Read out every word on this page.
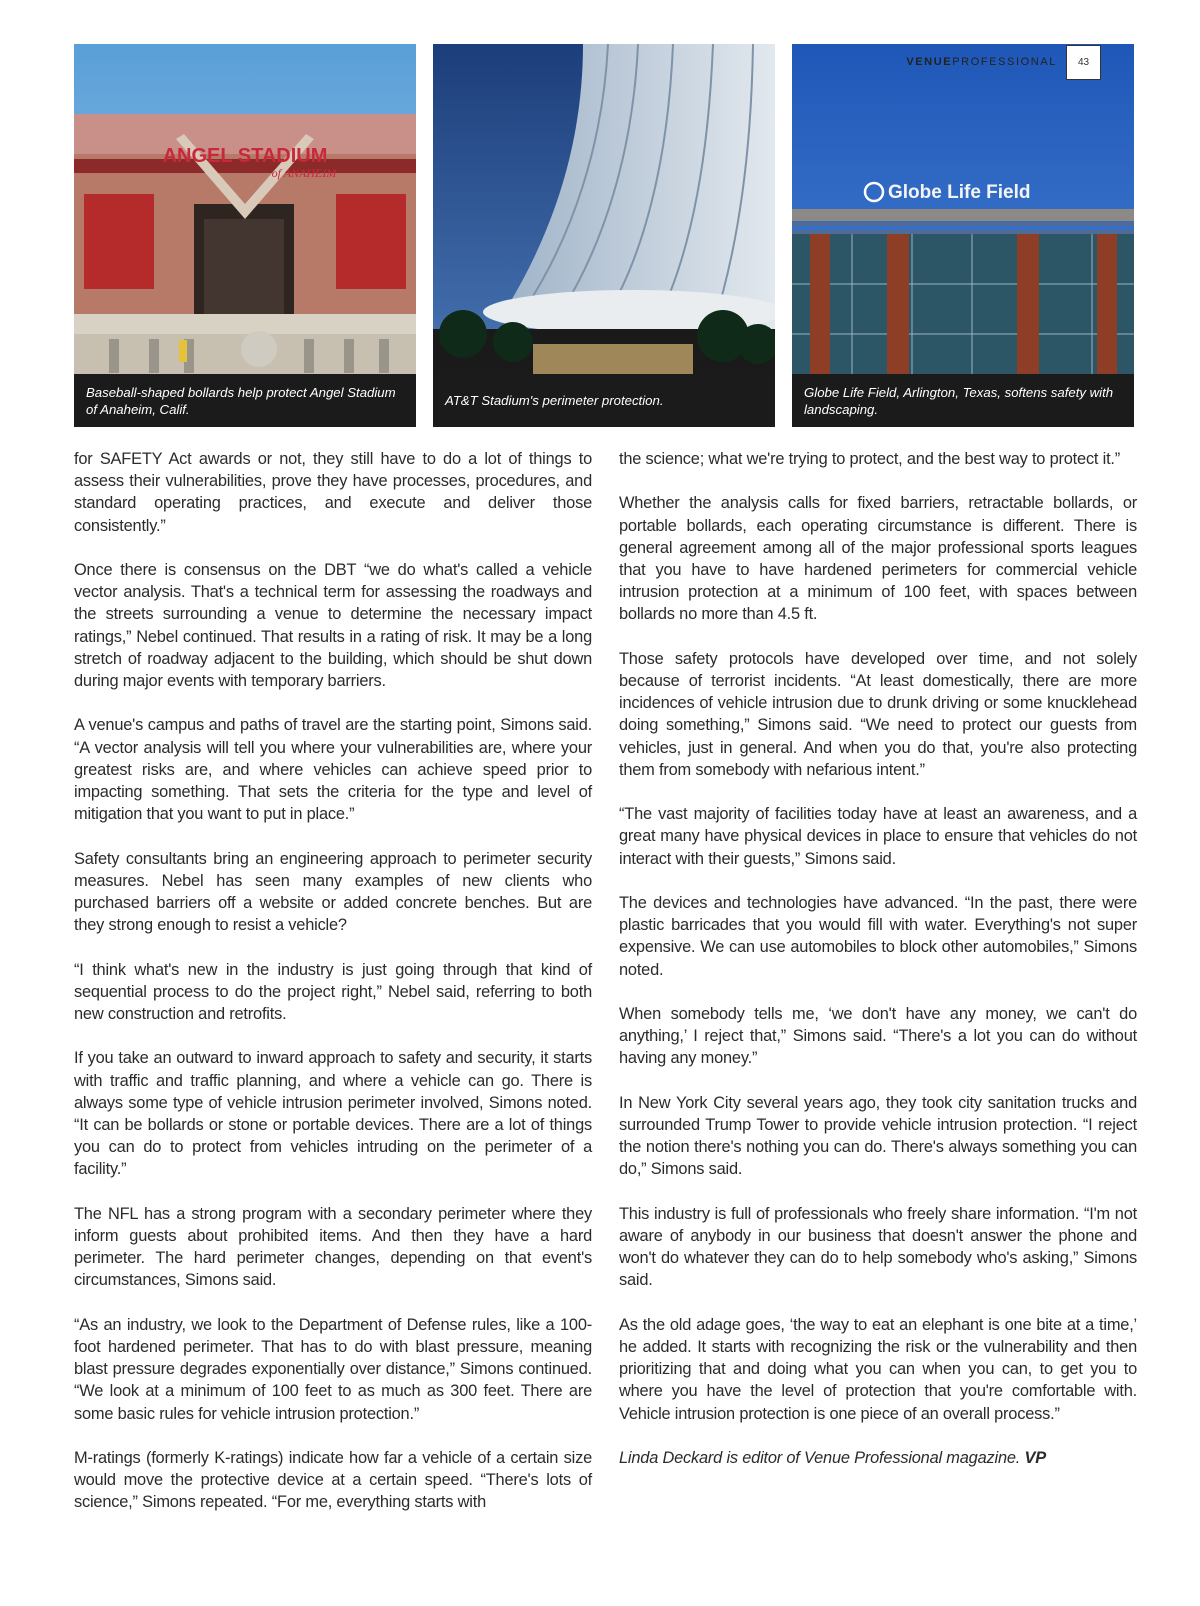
ANGEL STADIUM
of ANAHEIM
Baseball-shaped bollards help protect Angel Stadium of Anaheim, Calif.
AT&T Stadium's perimeter protection.
Globe Life Field
Globe Life Field, Arlington, Texas, softens safety with landscaping.
VENUEPROFESSIONAL	43

for SAFETY Act awards or not, they still have to do a lot of things to assess their vulnerabilities, prove they have processes, procedures, and standard operating practices, and execute and deliver those consistently.”

Once there is consensus on the DBT “we do what's called a vehicle vector analysis. That's a technical term for assessing the roadways and the streets surrounding a venue to determine the necessary impact ratings,” Nebel continued. That results in a rating of risk. It may be a long stretch of roadway adjacent to the building, which should be shut down during major events with temporary barriers.

A venue's campus and paths of travel are the starting point, Simons said. “A vector analysis will tell you where your vulnerabilities are, where your greatest risks are, and where vehicles can achieve speed prior to impacting something. That sets the criteria for the type and level of mitigation that you want to put in place.”

Safety consultants bring an engineering approach to perimeter security measures. Nebel has seen many examples of new clients who purchased barriers off a website or added concrete benches. But are they strong enough to resist a vehicle?

“I think what's new in the industry is just going through that kind of sequential process to do the project right,” Nebel said, referring to both new construction and retrofits.

If you take an outward to inward approach to safety and security, it starts with traffic and traffic planning, and where a vehicle can go. There is always some type of vehicle intrusion perimeter involved, Simons noted. “It can be bollards or stone or portable devices. There are a lot of things you can do to protect from vehicles intruding on the perimeter of a facility.”

The NFL has a strong program with a secondary perimeter where they inform guests about prohibited items. And then they have a hard perimeter. The hard perimeter changes, depending on that event's circumstances, Simons said.

“As an industry, we look to the Department of Defense rules, like a 100-foot hardened perimeter. That has to do with blast pressure, meaning blast pressure degrades exponentially over distance,” Simons continued. “We look at a minimum of 100 feet to as much as 300 feet. There are some basic rules for vehicle intrusion protection.”

M-ratings (formerly K-ratings) indicate how far a vehicle of a certain size would move the protective device at a certain speed. “There's lots of science,” Simons repeated. “For me, everything starts with

the science; what we're trying to protect, and the best way to protect it.”

Whether the analysis calls for fixed barriers, retractable bollards, or portable bollards, each operating circumstance is different. There is general agreement among all of the major professional sports leagues that you have to have hardened perimeters for commercial vehicle intrusion protection at a minimum of 100 feet, with spaces between bollards no more than 4.5 ft.

Those safety protocols have developed over time, and not solely because of terrorist incidents. “At least domestically, there are more incidences of vehicle intrusion due to drunk driving or some knucklehead doing something,” Simons said. “We need to protect our guests from vehicles, just in general. And when you do that, you're also protecting them from somebody with nefarious intent.”

“The vast majority of facilities today have at least an awareness, and a great many have physical devices in place to ensure that vehicles do not interact with their guests,” Simons said.

The devices and technologies have advanced. “In the past, there were plastic barricades that you would fill with water. Everything's not super expensive. We can use automobiles to block other automobiles,” Simons noted.

When somebody tells me, ‘we don't have any money, we can't do anything,’ I reject that,” Simons said. “There's a lot you can do without having any money.”

In New York City several years ago, they took city sanitation trucks and surrounded Trump Tower to provide vehicle intrusion protection. “I reject the notion there's nothing you can do. There's always something you can do,” Simons said.

This industry is full of professionals who freely share information. “I'm not aware of anybody in our business that doesn't answer the phone and won't do whatever they can do to help somebody who's asking,” Simons said.

As the old adage goes, ‘the way to eat an elephant is one bite at a time,’ he added. It starts with recognizing the risk or the vulnerability and then prioritizing that and doing what you can when you can, to get you to where you have the level of protection that you're comfortable with. Vehicle intrusion protection is one piece of an overall process.”

Linda Deckard is editor of Venue Professional magazine. VP
